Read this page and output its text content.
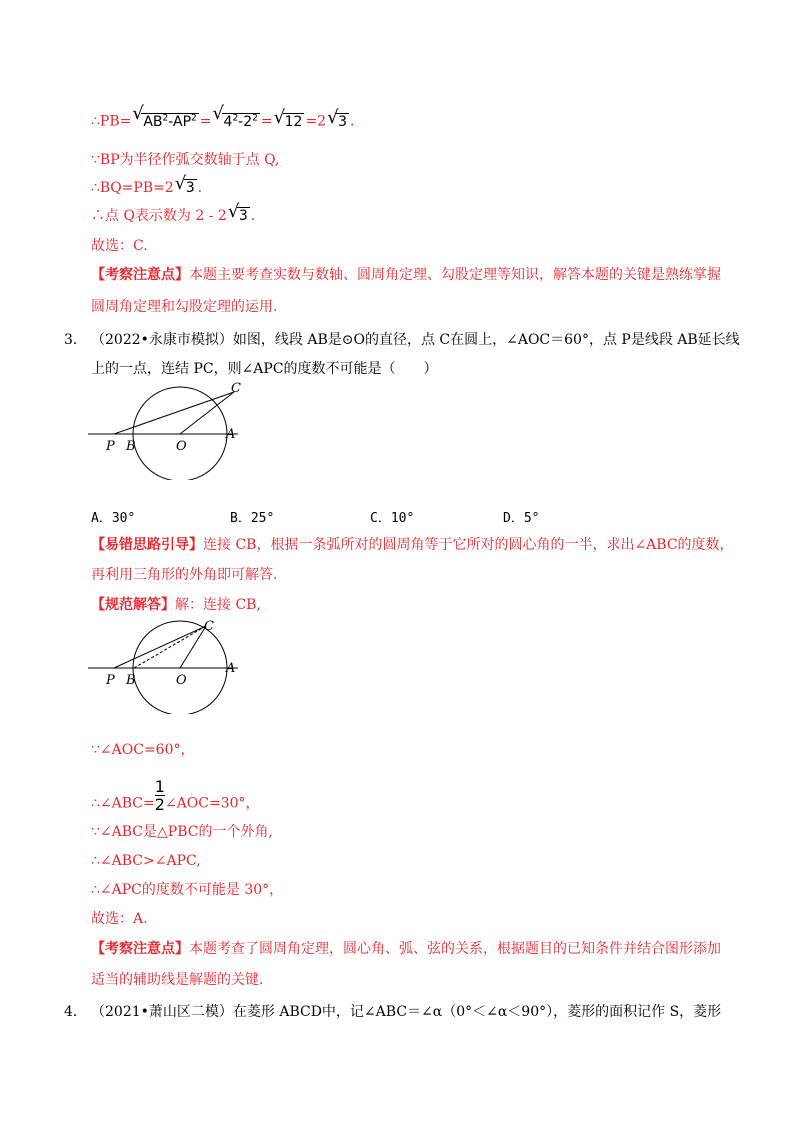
∴PB= √ $AB^2-AP^2$ = √ $4^2-2^2$ = √ 12 =2 √ 3 .
∵BP为半径作弧交数轴于点 Q,
∴BQ=PB=2 √ 3 .
∴点 Q表示数为 2 - 2 √ 3 .
故选：C.
【考察注意点】本题主要考查实数与数轴、圆周角定理、勾股定理等知识，解答本题的关键是熟练掌握
圆周角定理和勾股定理的运用.
3． （2022•永康市模拟）如图，线段 AB是⊙O的直径，点 C在圆上，∠AOC＝60°，点 P是线段 AB延长线
上的一点，连结 PC，则∠APC的度数不可能是（　　）
P B	O
A
C
A．30°	B．25°	C．10°	D．5°
【易错思路引导】连接 CB，根据一条弧所对的圆周角等于它所对的圆心角的一半，求出∠ABC的度数，
再利用三角形的外角即可解答.
【规范解答】解：连接 CB,
P B	O
A
C
∵∠AOC=60°，
∴∠ABC= $\frac{1}{2}$ ∠AOC=30°，
∵∠ABC是△PBC的一个外角,
∴∠ABC>∠APC,
∴∠APC的度数不可能是 30°，
故选：A.
【考察注意点】本题考查了圆周角定理，圆心角、弧、弦的关系，根据题目的已知条件并结合图形添加
适当的辅助线是解题的关键.
4． （2021•萧山区二模）在菱形 ABCD中，记∠ABC＝∠α（0°＜∠α＜90°），菱形的面积记作 S，菱形
